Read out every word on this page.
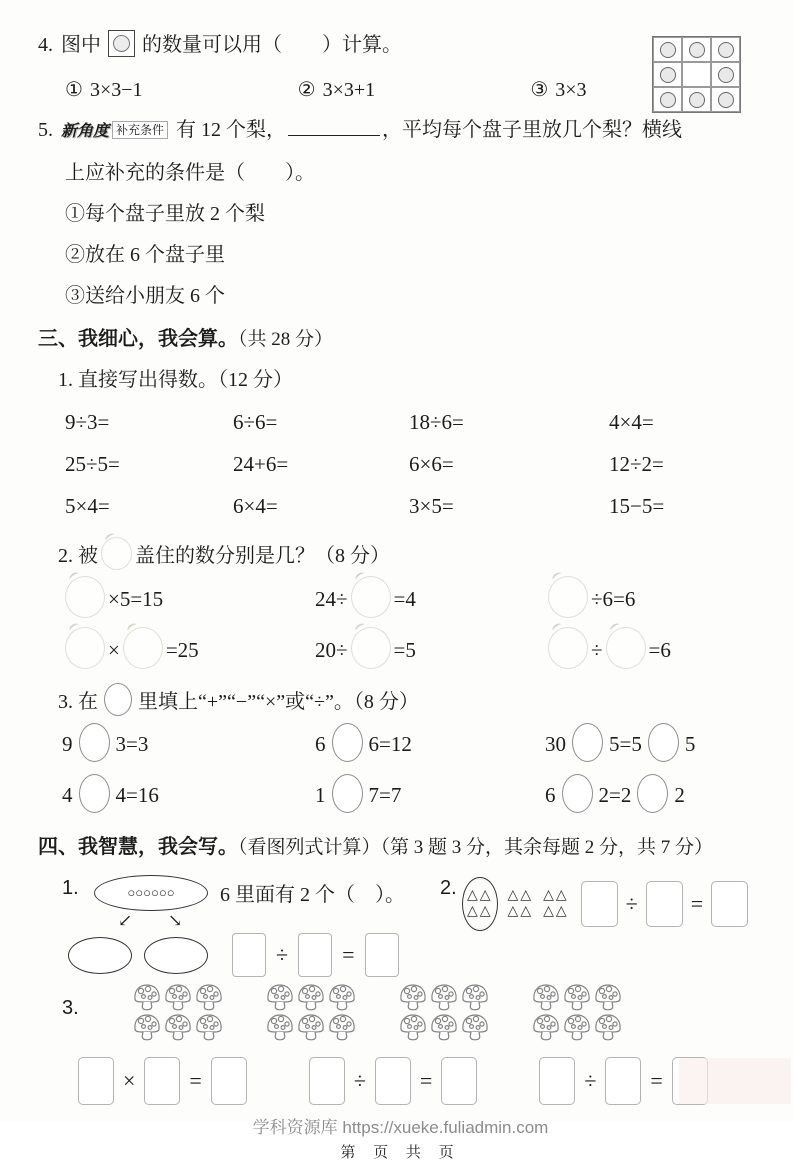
4. 图中 的数量可以用（　　）计算。
① 3×3−1	② 3×3+1	③ 3×3
5. 新角度 补充条件 有 12 个梨，	，平均每个盘子里放几个梨？横线
上应补充的条件是（　　）。
①每个盘子里放 2 个梨
②放在 6 个盘子里
③送给小朋友 6 个
三、我细心，我会算。（共 28 分）
1. 直接写出得数。（12 分）
9÷3=	6÷6=	18÷6=	4×4=
25÷5=	24+6=	6×6=	12÷2=
5×4=	6×4=	3×5=	15−5=
2. 被 盖住的数分别是几？（8 分）
×5=15	24÷ =4	÷6=6
× =25	20÷ =5	÷ =6
3. 在 里填上“+”“−”“×”或“÷”。（8 分）
9 3=3	6 6=12	30 5=5 5
4 4=16	1 7=7	6 2=2 2
四、我智慧，我会写。（看图列式计算）（第 3 题 3 分，其余每题 2 分，共 7 分）
1.	○ ○ ○ ○ ○ ○ 6 里面有 2 个（　）。
↙ ↘
÷ =
2. △△
△△
△△
△△
△△
△△	÷ =
3.
× =	÷ =	÷ =
学科资源库 https://xueke.fuliadmin.com
第 页 共 页
